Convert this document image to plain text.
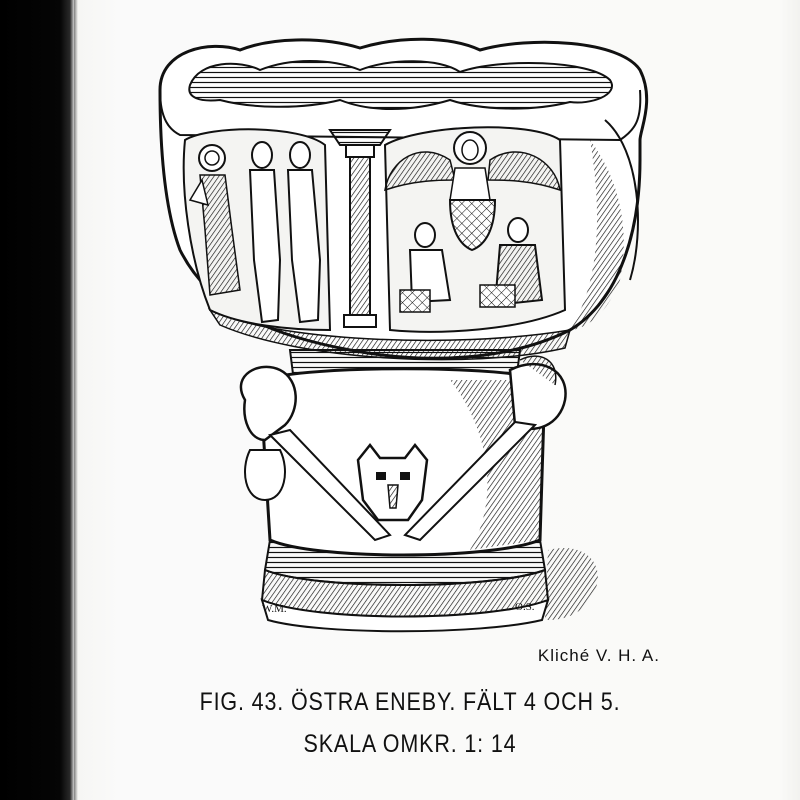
W.M.	O.S.
Kliché V. H. A.
FIG. 43. ÖSTRA ENEBY. FÄLT 4 OCH 5.
SKALA OMKR. 1: 14
